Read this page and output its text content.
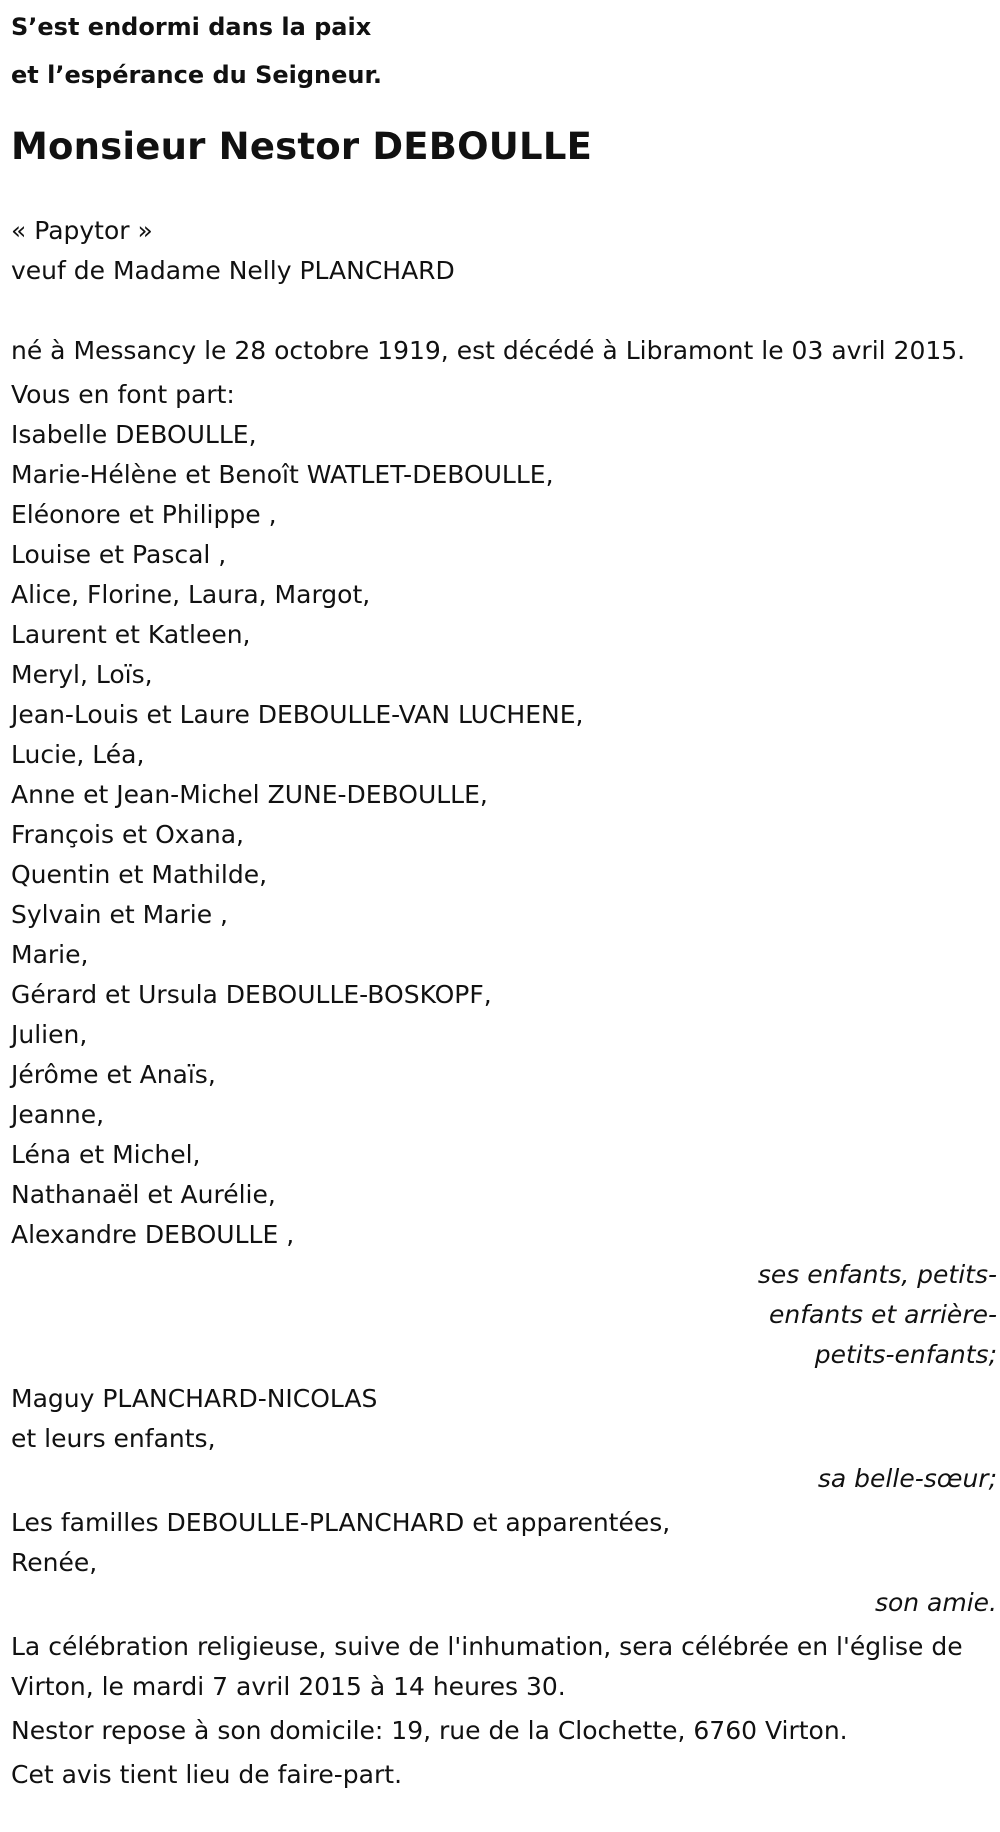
S’est endormi dans la paix
et l’espérance du Seigneur.
Monsieur Nestor DEBOULLE
« Papytor »
veuf de Madame Nelly PLANCHARD
né à Messancy le 28 octobre 1919, est décédé à Libramont le 03 avril 2015.
Vous en font part:
Isabelle DEBOULLE,
Marie-Hélène et Benoît WATLET-DEBOULLE,
Eléonore et Philippe ,
Louise et Pascal ,
Alice, Florine, Laura, Margot,
Laurent et Katleen,
Meryl, Loïs,
Jean-Louis et Laure DEBOULLE-VAN LUCHENE,
Lucie, Léa,
Anne et Jean-Michel ZUNE-DEBOULLE,
François et Oxana,
Quentin et Mathilde,
Sylvain et Marie ,
Marie,
Gérard et Ursula DEBOULLE-BOSKOPF,
Julien,
Jérôme et Anaïs,
Jeanne,
Léna et Michel,
Nathanaël et Aurélie,
Alexandre DEBOULLE ,
ses enfants, petits-
enfants et arrière-
petits-enfants;
Maguy PLANCHARD-NICOLAS
et leurs enfants,
sa belle-sœur;
Les familles DEBOULLE-PLANCHARD et apparentées,
Renée,
son amie.
La célébration religieuse, suive de l'inhumation, sera célébrée en l'église de Virton, le mardi 7 avril 2015 à 14 heures 30.
Nestor repose à son domicile: 19, rue de la Clochette, 6760 Virton.
Cet avis tient lieu de faire-part.
